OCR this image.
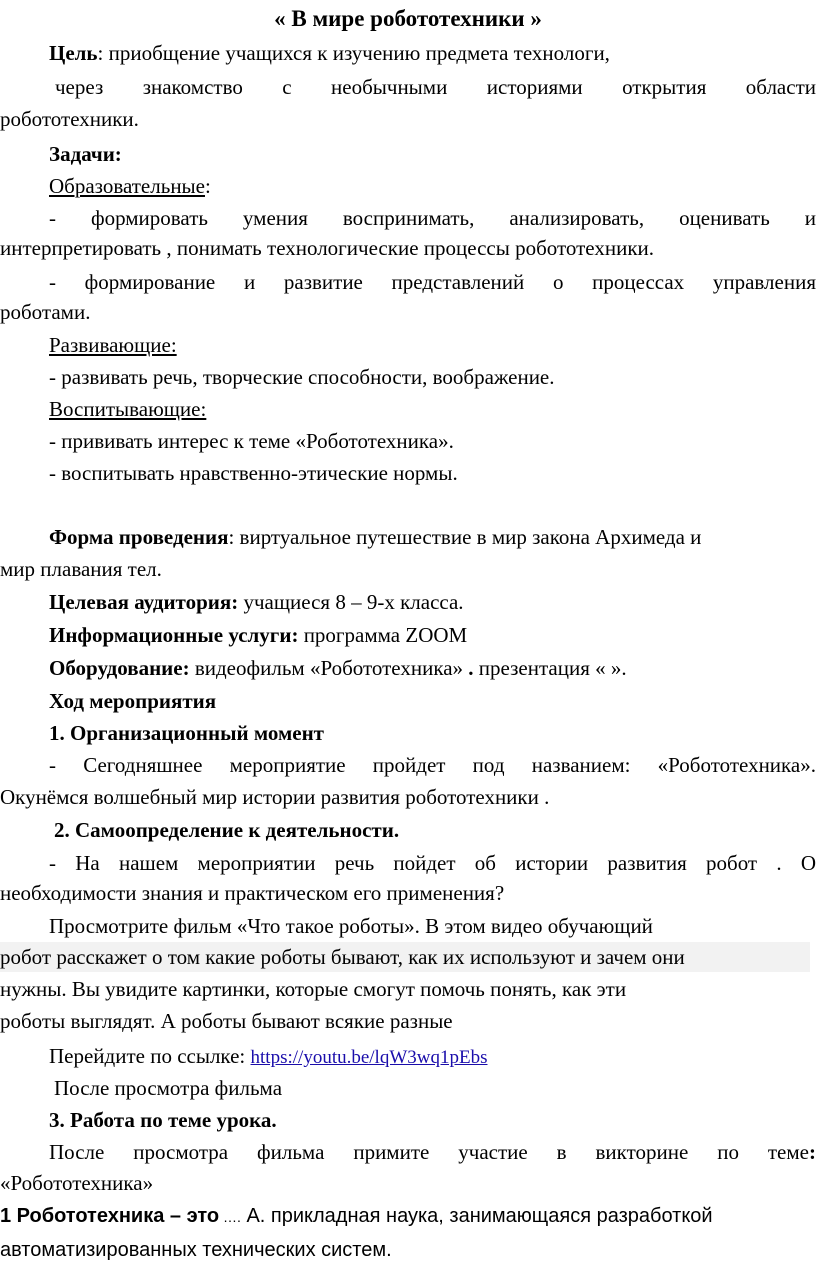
« В мире робототехники »
Цель: приобщение учащихся к изучению предмета технологи,
через знакомство с необычными историями открытия области
робототехники.
Задачи:
Образовательные:
- формировать умения воспринимать, анализировать, оценивать и
интерпретировать , понимать технологические процессы робототехники.
- формирование и развитие представлений о процессах управления
роботами.
Развивающие:
- развивать речь, творческие способности, воображение.
Воспитывающие:
- прививать интерес к теме «Робототехника».
- воспитывать нравственно-этические нормы.
Форма проведения: виртуальное путешествие в мир закона Архимеда и
мир плавания тел.
Целевая аудитория: учащиеся 8 – 9-х класса.
Информационные услуги: программа ZOOM
Оборудование: видеофильм «Робототехника» . презентация « ».
Ход мероприятия
1. Организационный момент
- Сегодняшнее мероприятие пройдет под названием: «Робототехника».
Окунёмся волшебный мир истории развития робототехники .
2. Самоопределение к деятельности.
- На нашем мероприятии речь пойдет об истории развития робот . О
необходимости знания и практическом его применения?
Просмотрите фильм «Что такое роботы». В этом видео обучающий
робот расскажет о том какие роботы бывают, как их используют и зачем они
нужны. Вы увидите картинки, которые смогут помочь понять, как эти
роботы выглядят. А роботы бывают всякие разные
Перейдите по ссылке: https://youtu.be/lqW3wq1pEbs
После просмотра фильма
3. Работа по теме урока.
После просмотра фильма примите участие в викторине по теме:
«Робототехника»
1 Робототехника – это …. А. прикладная наука, занимающаяся разработкой
автоматизированных технических систем.
